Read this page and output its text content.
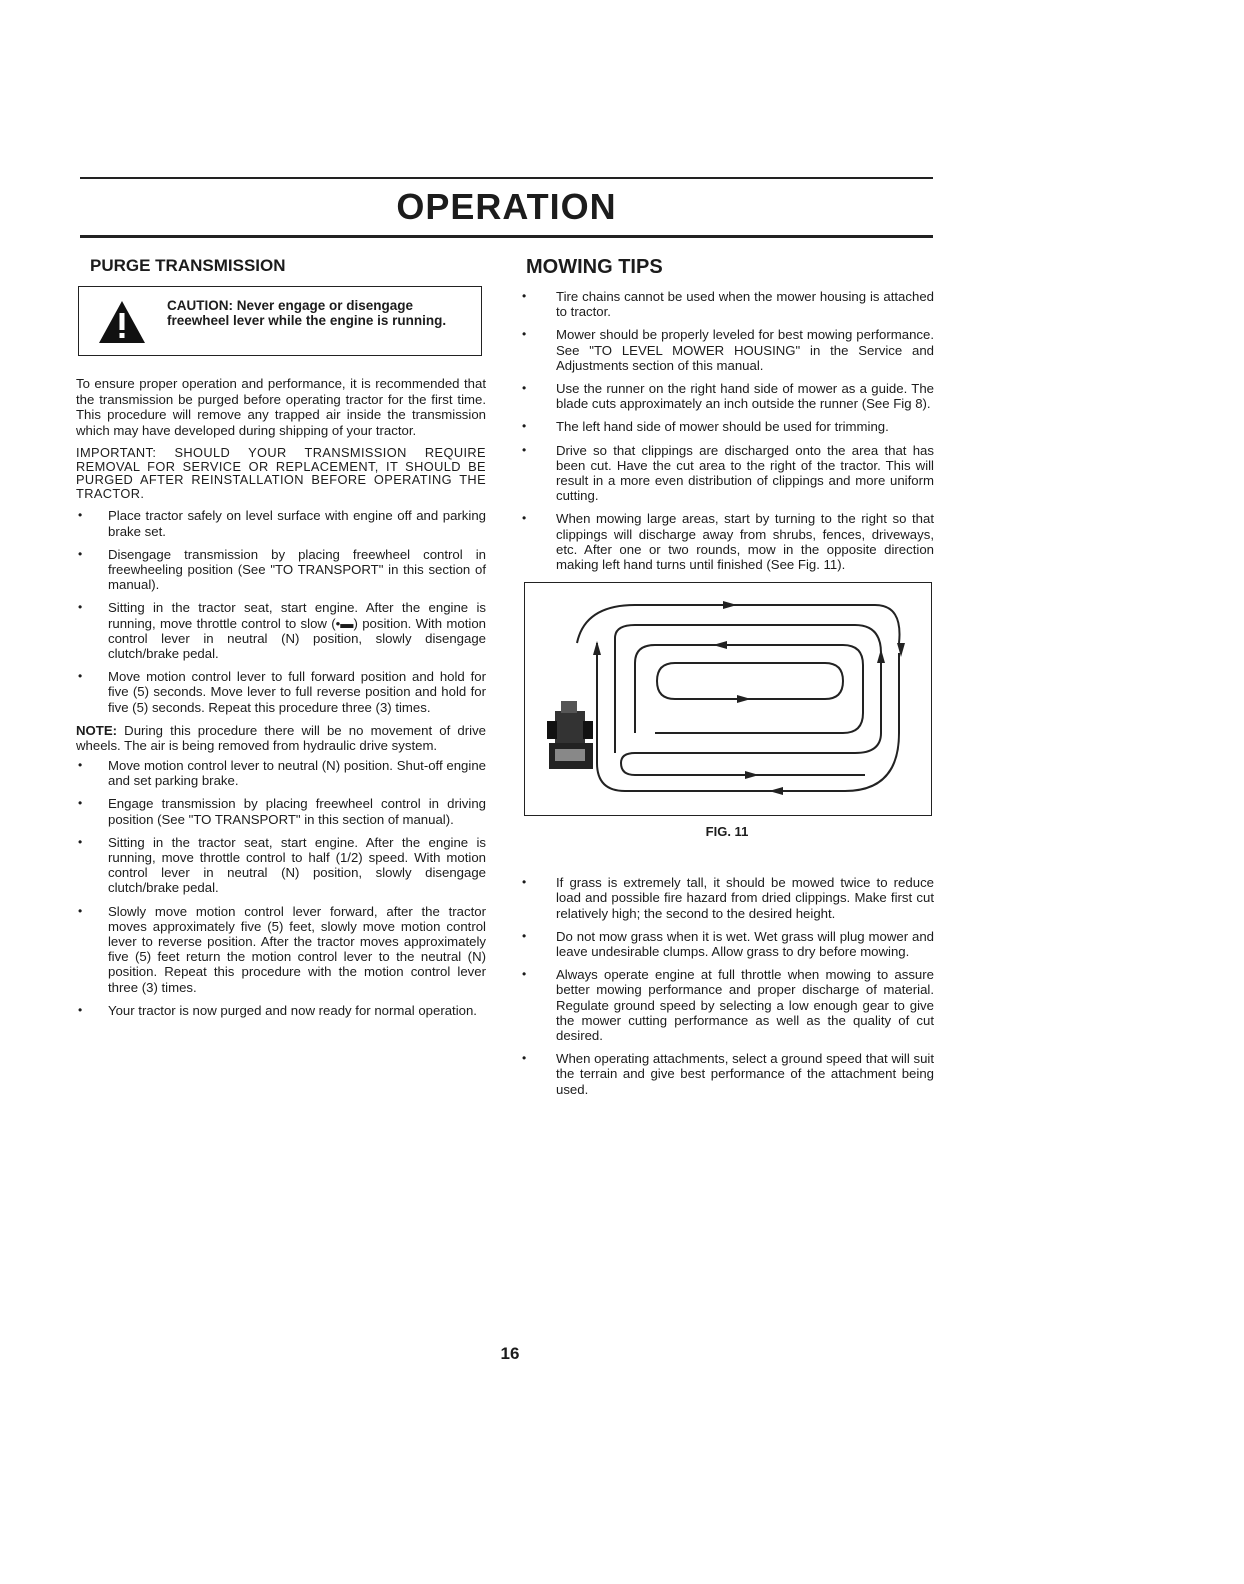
OPERATION
PURGE TRANSMISSION
CAUTION: Never engage or disengage freewheel lever while the engine is running.

To ensure proper operation and performance, it is recommended that the transmission be purged before operating tractor for the first time. This procedure will remove any trapped air inside the transmission which may have developed during shipping of your tractor.

IMPORTANT: SHOULD YOUR TRANSMISSION REQUIRE REMOVAL FOR SERVICE OR REPLACEMENT, IT SHOULD BE PURGED AFTER REINSTALLATION BEFORE OPERATING THE TRACTOR.

• Place tractor safely on level surface with engine off and parking brake set.
• Disengage transmission by placing freewheel control in freewheeling position (See "TO TRANSPORT" in this section of manual).
• Sitting in the tractor seat, start engine. After the engine is running, move throttle control to slow (•▬) position. With motion control lever in neutral (N) position, slowly disengage clutch/brake pedal.
• Move motion control lever to full forward position and hold for five (5) seconds. Move lever to full reverse position and hold for five (5) seconds. Repeat this procedure three (3) times.

NOTE: During this procedure there will be no movement of drive wheels. The air is being removed from hydraulic drive system.

• Move motion control lever to neutral (N) position. Shut-off engine and set parking brake.
• Engage transmission by placing freewheel control in driving position (See "TO TRANSPORT" in this section of manual).
• Sitting in the tractor seat, start engine. After the engine is running, move throttle control to half (1/2) speed. With motion control lever in neutral (N) position, slowly disengage clutch/brake pedal.
• Slowly move motion control lever forward, after the tractor moves approximately five (5) feet, slowly move motion control lever to reverse position. After the tractor moves approximately five (5) feet return the motion control lever to the neutral (N) position. Repeat this procedure with the motion control lever three (3) times.
• Your tractor is now purged and now ready for normal operation.
MOWING TIPS
• Tire chains cannot be used when the mower housing is attached to tractor.
• Mower should be properly leveled for best mowing performance. See "TO LEVEL MOWER HOUSING" in the Service and Adjustments section of this manual.
• Use the runner on the right hand side of mower as a guide. The blade cuts approximately an inch outside the runner (See Fig 8).
• The left hand side of mower should be used for trimming.
• Drive so that clippings are discharged onto the area that has been cut. Have the cut area to the right of the tractor. This will result in a more even distribution of clippings and more uniform cutting.
• When mowing large areas, start by turning to the right so that clippings will discharge away from shrubs, fences, driveways, etc. After one or two rounds, mow in the opposite direction making left hand turns until finished (See Fig. 11).
FIG. 11
• If grass is extremely tall, it should be mowed twice to reduce load and possible fire hazard from dried clippings. Make first cut relatively high; the second to the desired height.
• Do not mow grass when it is wet. Wet grass will plug mower and leave undesirable clumps. Allow grass to dry before mowing.
• Always operate engine at full throttle when mowing to assure better mowing performance and proper discharge of material. Regulate ground speed by selecting a low enough gear to give the mower cutting performance as well as the quality of cut desired.
• When operating attachments, select a ground speed that will suit the terrain and give best performance of the attachment being used.
16
